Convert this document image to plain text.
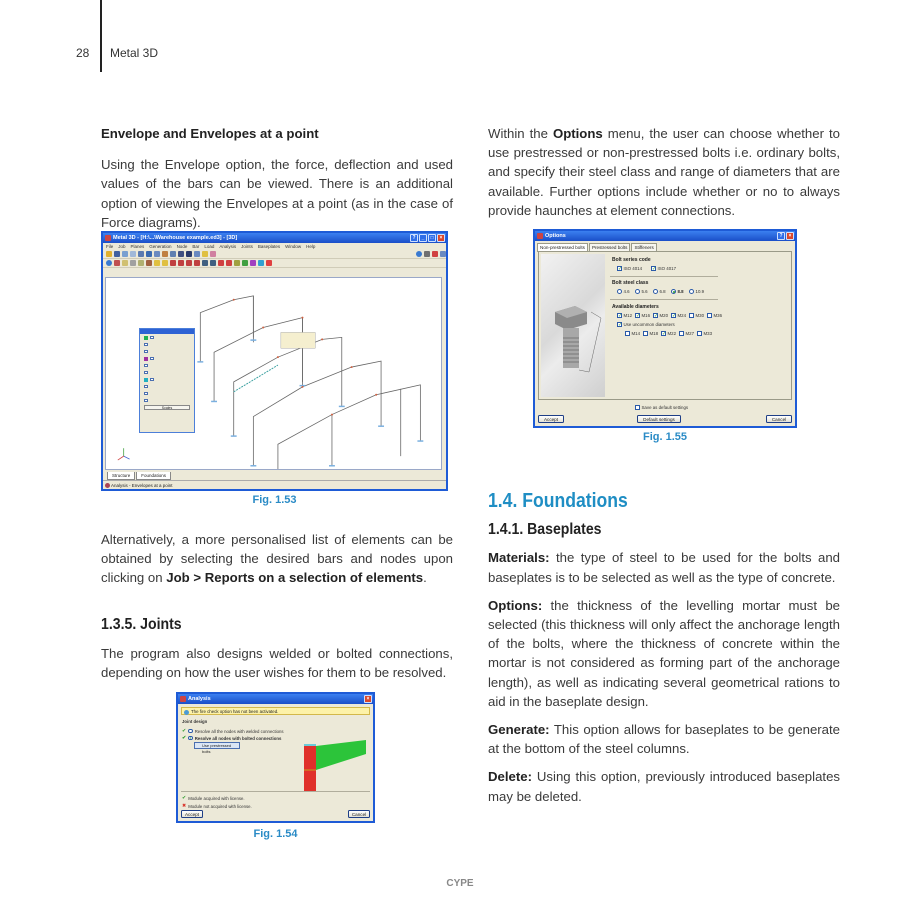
28 Metal 3D
Envelope and Envelopes at a point

Using the Envelope option, the force, deflection and used values of the bars can be viewed. There is an additional option of viewing the Envelopes at a point (as in the case of Force diagrams).

Metal 3D - [H:\...\Warehouse example.ed3] - [3D]	?	_	□	×
File Job Planes Generation Node Bar Load Analysis Joints Baseplates Window Help
Scales
Structure	Foundations
Analysis - Envelopes at a point
Fig. 1.53

Alternatively, a more personalised list of elements can be obtained by selecting the desired bars and nodes upon clicking on Job > Reports on a selection of elements.

1.3.5. Joints

The program also designs welded or bolted connections, depending on how the user wishes for them to be resolved.

Analysis	×
The fire check option has not been activated.
Joint design
✔ Resolve all the nodes with welded connections
✔ Resolve all nodes with bolted connections
Use prestressed bolts
✔ Module acquired with license.
✖ Module not acquired with license.
Accept	Cancel
Fig. 1.54

Within the Options menu, the user can choose whether to use prestressed or non-prestressed bolts i.e. ordinary bolts, and specify their steel class and range of diameters that are available. Further options include whether or no to always provide haunches at element connections.

Options	?	×
Non-prestressed bolts	Prestressed bolts	Stiffeners
Bolt series code
✓ ISO 4014 ✓ ISO 4017
Bolt steel class
4.6	5.6	6.8	8.8	10.9
Available diameters
✓ M12 ✓ M16 ✓ M20 ✓ M24 M30 M36
✓ Use uncommon diameters
M14 M18 ✓ M22 M27 M33
Save as default settings
Accept	Default settings	Cancel
Fig. 1.55
1.4. Foundations
1.4.1. Baseplates

Materials: the type of steel to be used for the bolts and baseplates is to be selected as well as the type of concrete.

Options: the thickness of the levelling mortar must be selected (this thickness will only affect the anchorage length of the bolts, where the thickness of concrete within the mortar is not considered as forming part of the anchorage length), as well as indicating several geometrical rations to aid in the baseplate design.

Generate: This option allows for baseplates to be generate at the bottom of the steel columns.

Delete: Using this option, previously introduced baseplates may be deleted.

CYPE
